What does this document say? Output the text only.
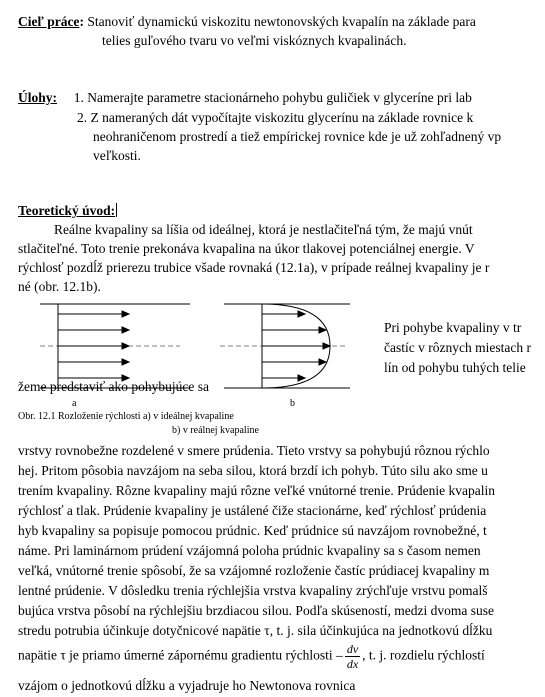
Cieľ práce: Stanoviť dynamickú viskozitu newtonovských kvapalín na základe para
telies guľového tvaru vo veľmi viskóznych kvapalinách.
Úlohy: 1. Namerajte parametre stacionárneho pohybu guličiek v glyceríne pri lab
2. Z nameraných dát vypočítajte viskozitu glycerínu na základe rovnice k
neohraničenom prostredí a tiež empírickej rovnice kde je už zohľadnený vp
veľkosti.
Teoretický úvod:
Reálne kvapaliny sa líšia od ideálnej, ktorá je nestlačiteľná tým, že majú vnút
stlačiteľné. Toto trenie prekonáva kvapalina na úkor tlakovej potenciálnej energie. V
rýchlosť pozdĺž prierezu trubice všade rovnaká (12.1a), v prípade reálnej kvapaliny je r
né (obr. 12.1b).
Pri pohybe kvapaliny v tr
častíc v rôznych miestach r
lín od pohybu tuhých telie
žeme predstaviť ako pohybujúce sa
a	b
Obr. 12.1 Rozloženie rýchlosti a) v ideálnej kvapaline
b) v reálnej kvapaline
vrstvy rovnobežne rozdelené v smere prúdenia. Tieto vrstvy sa pohybujú rôznou rýchlo
hej. Pritom pôsobia navzájom na seba silou, ktorá brzdí ich pohyb. Túto silu ako sme u
trením kvapaliny. Rôzne kvapaliny majú rôzne veľké vnútorné trenie. Prúdenie kvapalin
rýchlosť a tlak. Prúdenie kvapaliny je ustálené čiže stacionárne, keď rýchlosť prúdenia
hyb kvapaliny sa popisuje pomocou prúdnic. Keď prúdnice sú navzájom rovnobežné, t
náme. Pri laminárnom prúdení vzájomná poloha prúdnic kvapaliny sa s časom nemen
veľká, vnútorné trenie spôsobí, že sa vzájomné rozloženie častíc prúdiacej kvapaliny m
lentné prúdenie. V dôsledku trenia rýchlejšia vrstva kvapaliny zrýchľuje vrstvu pomalš
bujúca vrstva pôsobí na rýchlejšiu brzdiacou silou. Podľa skúseností, medzi dvoma suse
stredu potrubia účinkuje dotyčnicové napätie τ, t. j. sila účinkujúca na jednotkovú dĺžku
napätie τ je priamo úmerné zápornému gradientu rýchlosti – $\frac{dv}{dx}$ , t. j. rozdielu rýchlostí
vzájom o jednotkovú dĺžku a vyjadruje ho Newtonova rovnica
